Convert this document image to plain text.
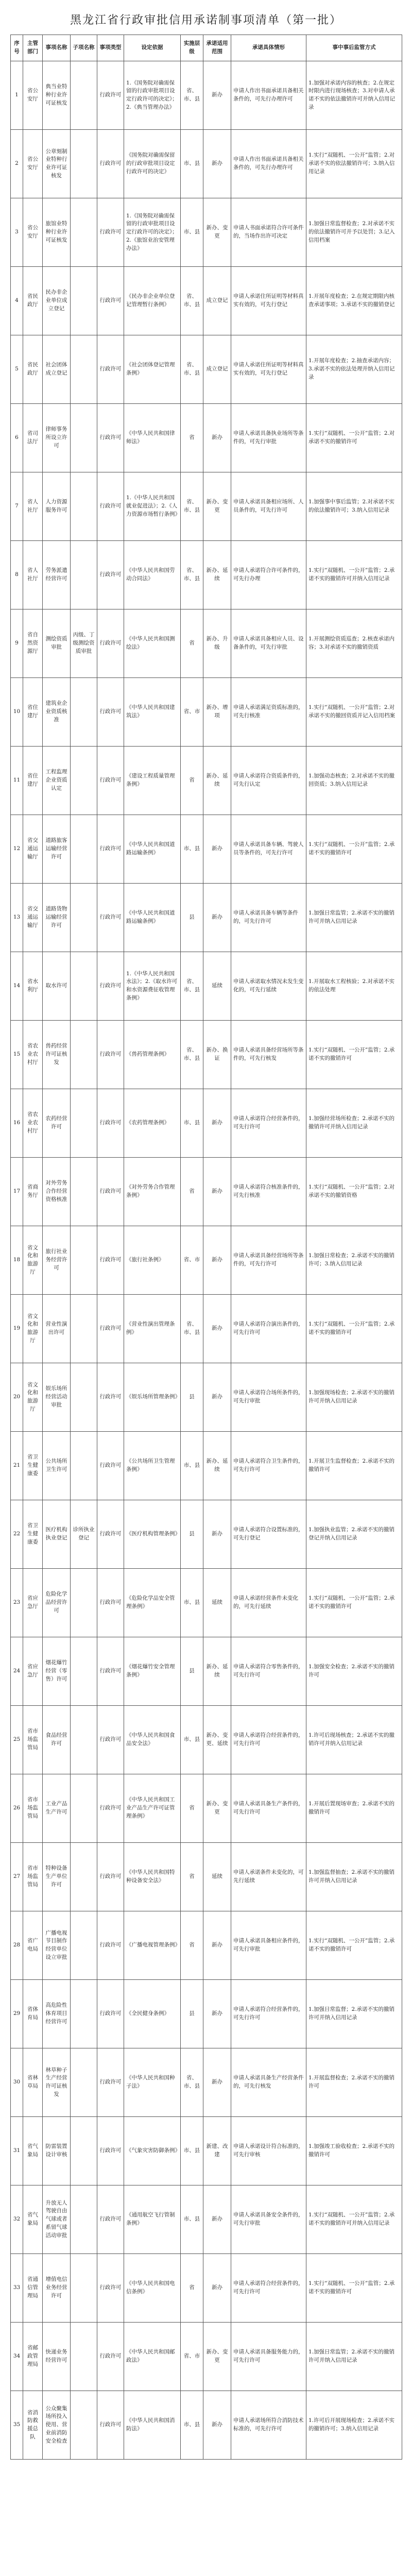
黑龙江省行政审批信用承诺制事项清单（第一批）
序号	主管部门	事项名称	子项名称	事项类型	设定依据	实施层级	承诺适用范围	承诺具体情形	事中事后监管方式
1	省公安厅	典当业特种行业许可证核发		行政许可	1.《国务院对确需保留的行政审批项目设定行政许可的决定》；2.《典当管理办法》	省、市、县	新办	申请人作出书面承诺具备相关条件的，可先行办理许可	1.加强对承诺内容的核查；2.在规定时限内进行现场核查；3.对申请人承诺不实的依法撤销许可并纳入信用记录
2	省公安厅	公章刻制业特种行业许可证核发		行政许可	《国务院对确需保留的行政审批项目设定行政许可的决定》	市、县	新办	申请人作出书面承诺具备相关条件的，可先行办理许可	1.实行“双随机、一公开”监管；2.对承诺不实的依法撤销许可；3.纳入信用记录
3	省公安厅	旅馆业特种行业许可证核发		行政许可	1.《国务院对确需保留的行政审批项目设定行政许可的决定》；2.《旅馆业治安管理办法》	市、县	新办、变更	申请人书面承诺符合许可条件的，当场作出许可决定	1.加强日常监督检查；2.对承诺不实的依法撤销许可并予以处罚；3.记入信用档案
4	省民政厅	民办非企业单位成立登记		行政许可	《民办非企业单位登记管理暂行条例》	省、市、县	成立登记	申请人承诺住所证明等材料真实有效的，可先行登记	1.开展年度检查；2.在规定期限内核查承诺事项；3.承诺不实的撤销登记
5	省民政厅	社会团体成立登记		行政许可	《社会团体登记管理条例》	省、市、县	成立登记	申请人承诺住所证明等材料真实有效的，可先行登记	1.开展年度检查；2.抽查承诺内容；3.承诺不实的依法处理并纳入信用记录
6	省司法厅	律师事务所设立许可		行政许可	《中华人民共和国律师法》	省	新办	申请人承诺具备执业场所等条件的，可先行审批	1.实行“双随机、一公开”监管；2.对承诺不实的撤销许可
7	省人社厅	人力资源服务许可		行政许可	1.《中华人民共和国就业促进法》；2.《人力资源市场暂行条例》	省、市、县	新办、变更	申请人承诺具备相应场所、人员条件的，可先行许可	1.加强事中事后监管；2.对承诺不实的依法撤销许可；3.纳入信用记录
8	省人社厅	劳务派遣经营许可		行政许可	《中华人民共和国劳动合同法》	省、市、县	新办、延续	申请人承诺符合许可条件的，可先行办理	1.实行“双随机、一公开”监管；2.承诺不实的撤销许可并纳入信用记录
9	省自然资源厅	测绘资质审批	丙级、丁级测绘资质审批	行政许可	《中华人民共和国测绘法》	省	新办、升级	申请人承诺具备相应人员、设备条件的，可先行审批	1.开展测绘资质巡查；2.核查承诺内容；3.对承诺不实的撤销资质
10	省住建厅	建筑业企业资质核准		行政许可	《中华人民共和国建筑法》	省、市	新办、增项	申请人承诺满足资质标准的，可先行核准	1.实行“双随机、一公开”监管；2.对承诺不实的撤回资质并记入信用档案
11	省住建厅	工程监理企业资质认定		行政许可	《建设工程质量管理条例》	省	新办、延续	申请人承诺符合资质条件的，可先行认定	1.加强动态核查；2.对承诺不实的撤回资质；3.纳入信用记录
12	省交通运输厅	道路旅客运输经营许可		行政许可	《中华人民共和国道路运输条例》	市、县	新办	申请人承诺具备车辆、驾驶人员等条件的，可先行许可	1.实行“双随机、一公开”监管；2.承诺不实的撤销许可
13	省交通运输厅	道路货物运输经营许可		行政许可	《中华人民共和国道路运输条例》	县	新办	申请人承诺具备车辆等条件的，可先行许可	1.加强日常监管；2.承诺不实的撤销许可并纳入信用记录
14	省水利厅	取水许可		行政许可	1.《中华人民共和国水法》；2.《取水许可和水资源费征收管理条例》	省、市、县	延续	申请人承诺取水情况未发生变化的，可先行延续	1.开展取水工程核验；2.对承诺不实的依法处理
15	省农业农村厅	兽药经营许可证核发		行政许可	《兽药管理条例》	省、市、县	新办、换证	申请人承诺具备经营场所等条件的，可先行核发	1.实行“双随机、一公开”监管；2.承诺不实的撤销许可
16	省农业农村厅	农药经营许可		行政许可	《农药管理条例》	市、县	新办	申请人承诺符合经营条件的，可先行许可	1.加强经营场所检查；2.承诺不实的撤销许可并纳入信用记录
17	省商务厅	对外劳务合作经营资格核准		行政许可	《对外劳务合作管理条例》	省	新办	申请人承诺符合核准条件的，可先行核准	1.实行“双随机、一公开”监管；2.对承诺不实的撤销资格
18	省文化和旅游厅	旅行社业务经营许可		行政许可	《旅行社条例》	省、市	新办	申请人承诺具备经营场所等条件的，可先行许可	1.加强日常检查；2.承诺不实的撤销许可；3.纳入信用记录
19	省文化和旅游厅	营业性演出许可		行政许可	《营业性演出管理条例》	省、市、县	新办	申请人承诺符合演出条件的，可先行许可	1.实行“双随机、一公开”监管；2.承诺不实的撤销许可
20	省文化和旅游厅	娱乐场所经营活动审批		行政许可	《娱乐场所管理条例》	县	新办	申请人承诺符合场所条件的，可先行审批	1.加强现场检查；2.承诺不实的撤销许可并纳入信用记录
21	省卫生健康委	公共场所卫生许可		行政许可	《公共场所卫生管理条例》	市、县	新办、延续	申请人承诺符合卫生条件的，可先行许可	1.开展卫生监督检查；2.承诺不实的撤销许可
22	省卫生健康委	医疗机构执业登记	诊所执业登记	行政许可	《医疗机构管理条例》	县	新办	申请人承诺符合设置标准的，可先行登记	1.加强执业监管；2.承诺不实的撤销登记并纳入信用记录
23	省应急厅	危险化学品经营许可		行政许可	《危险化学品安全管理条例》	市、县	延续	申请人承诺经营条件未变化的，可先行延续	1.实行“双随机、一公开”监管；2.承诺不实的撤销许可
24	省应急厅	烟花爆竹经营（零售）许可		行政许可	《烟花爆竹安全管理条例》	县	新办、延续	申请人承诺符合零售条件的，可先行许可	1.加强安全检查；2.承诺不实的撤销许可
25	省市场监管局	食品经营许可		行政许可	《中华人民共和国食品安全法》	市、县	新办、变更、延续	申请人承诺符合经营条件的，可先行许可	1.许可后现场核查；2.承诺不实的撤销许可并纳入信用记录
26	省市场监管局	工业产品生产许可		行政许可	《中华人民共和国工业产品生产许可证管理条例》	省	新办、变更	申请人承诺具备生产条件的，可先行许可	1.开展后置现场审查；2.承诺不实的撤销许可
27	省市场监管局	特种设备生产单位许可		行政许可	《中华人民共和国特种设备安全法》	省	延续	申请人承诺条件未变化的，可先行延续	1.加强监督抽查；2.承诺不实的撤销许可并纳入信用记录
28	省广电局	广播电视节目制作经营单位设立审批		行政许可	《广播电视管理条例》	省	新办	申请人承诺具备相应条件的，可先行审批	1.实行“双随机、一公开”监管；2.承诺不实的撤销许可
29	省体育局	高危险性体育项目经营许可		行政许可	《全民健身条例》	县	新办	申请人承诺符合经营条件的，可先行许可	1.加强日常监督；2.承诺不实的撤销许可并纳入信用记录
30	省林草局	林草种子生产经营许可证核发		行政许可	《中华人民共和国种子法》	省、市、县	新办	申请人承诺具备生产经营条件的，可先行核发	1.开展监督检查；2.承诺不实的撤销许可
31	省气象局	防雷装置设计审核		行政许可	《气象灾害防御条例》	市、县	新建、改建	申请人承诺设计符合标准的，可先行审核	1.加强竣工验收检查；2.承诺不实的撤销许可
32	省气象局	升放无人驾驶自由气球或者系留气球活动审批		行政许可	《通用航空飞行管制条例》	市、县	新办	申请人承诺具备安全条件的，可先行审批	1.实行“双随机、一公开”监管；2.承诺不实的撤销许可并纳入信用记录
33	省通信管理局	增值电信业务经营许可		行政许可	《中华人民共和国电信条例》	省	新办	申请人承诺符合经营条件的，可先行许可	1.实行“双随机、一公开”监管；2.承诺不实的撤销许可
34	省邮政管理局	快递业务经营许可		行政许可	《中华人民共和国邮政法》	省、市	新办、变更	申请人承诺具备服务能力的，可先行许可	1.加强日常监管；2.承诺不实的撤销许可并纳入信用记录
35	省消防救援总队	公众聚集场所投入使用、营业前消防安全检查		行政许可	《中华人民共和国消防法》	市、县	新办	申请人承诺场所符合消防技术标准的，可先行许可	1.许可后开展现场检查；2.承诺不实的撤销许可；3.纳入信用记录
